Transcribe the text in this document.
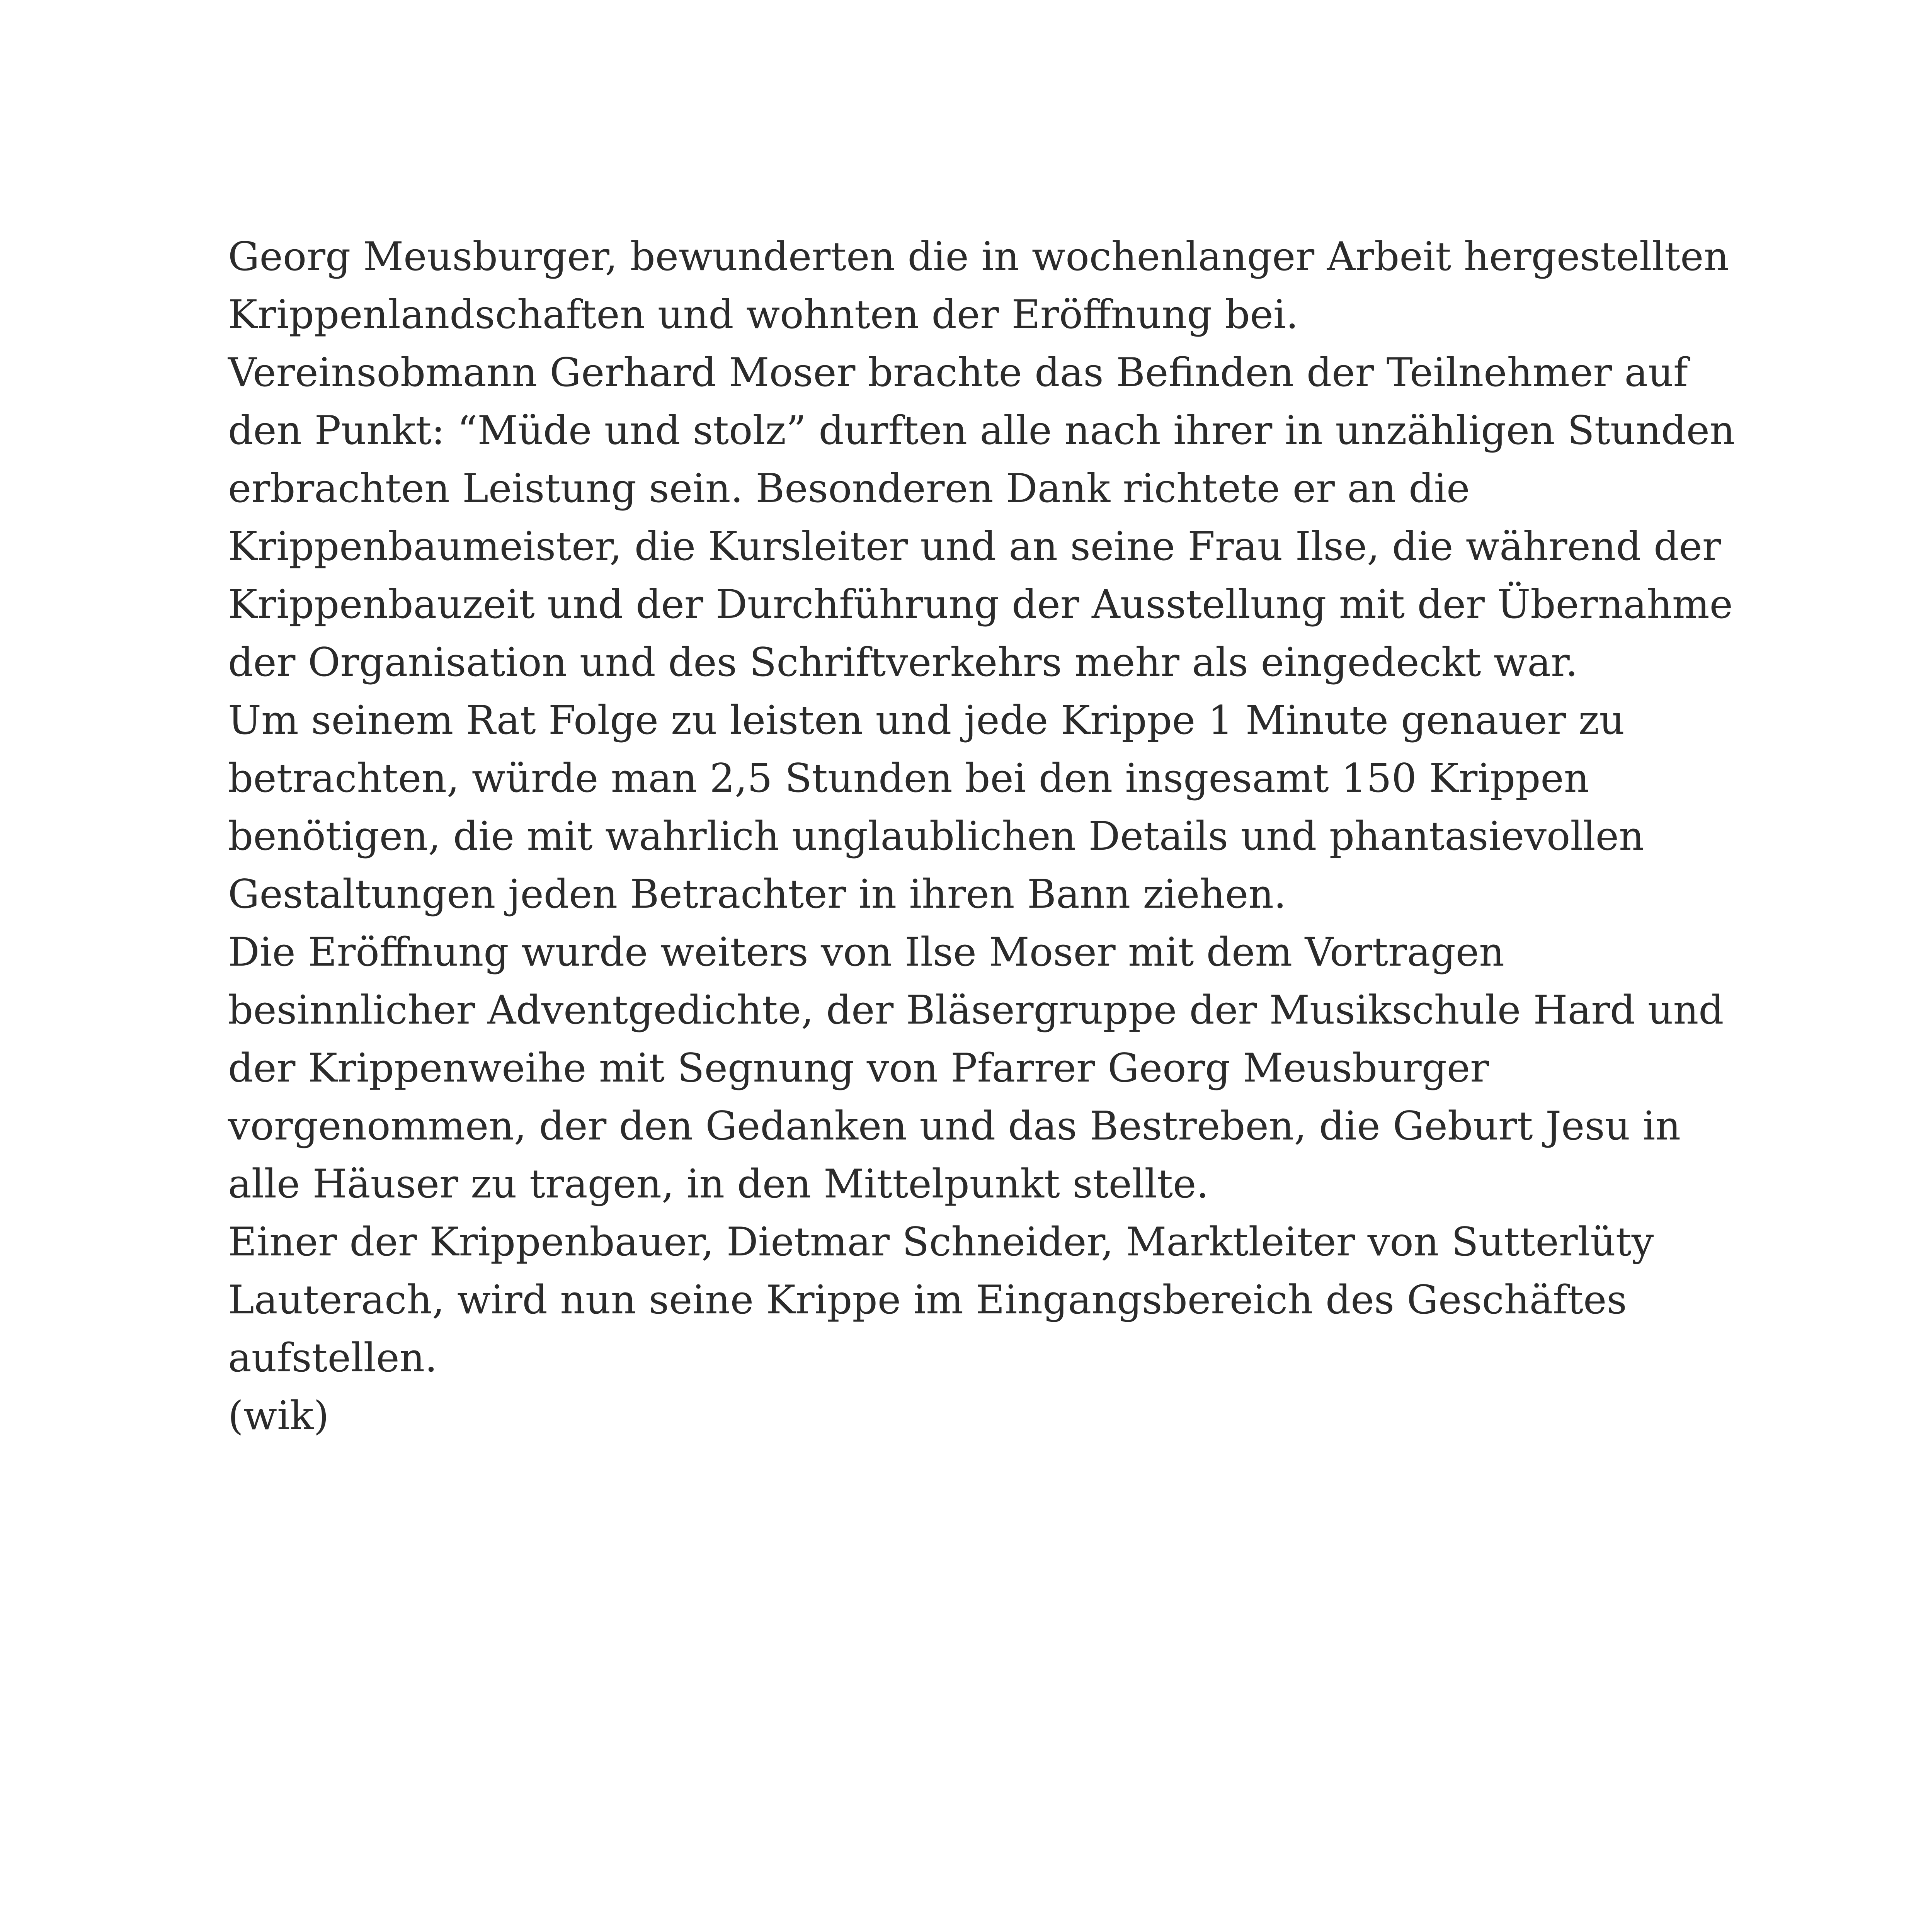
Georg Meusburger, bewunderten die in wochenlanger Arbeit hergestellten
Krippenlandschaften und wohnten der Eröffnung bei.
Vereinsobmann Gerhard Moser brachte das Befinden der Teilnehmer auf
den Punkt: “Müde und stolz” durften alle nach ihrer in unzähligen Stunden
erbrachten Leistung sein. Besonderen Dank richtete er an die
Krippenbaumeister, die Kursleiter und an seine Frau Ilse, die während der
Krippenbauzeit und der Durchführung der Ausstellung mit der Übernahme
der Organisation und des Schriftverkehrs mehr als eingedeckt war.
Um seinem Rat Folge zu leisten und jede Krippe 1 Minute genauer zu
betrachten, würde man 2,5 Stunden bei den insgesamt 150 Krippen
benötigen, die mit wahrlich unglaublichen Details und phantasievollen
Gestaltungen jeden Betrachter in ihren Bann ziehen.
Die Eröffnung wurde weiters von Ilse Moser mit dem Vortragen
besinnlicher Adventgedichte, der Bläsergruppe der Musikschule Hard und
der Krippenweihe mit Segnung von Pfarrer Georg Meusburger
vorgenommen, der den Gedanken und das Bestreben, die Geburt Jesu in
alle Häuser zu tragen, in den Mittelpunkt stellte.
Einer der Krippenbauer, Dietmar Schneider, Marktleiter von Sutterlüty
Lauterach, wird nun seine Krippe im Eingangsbereich des Geschäftes
aufstellen.
(wik)
